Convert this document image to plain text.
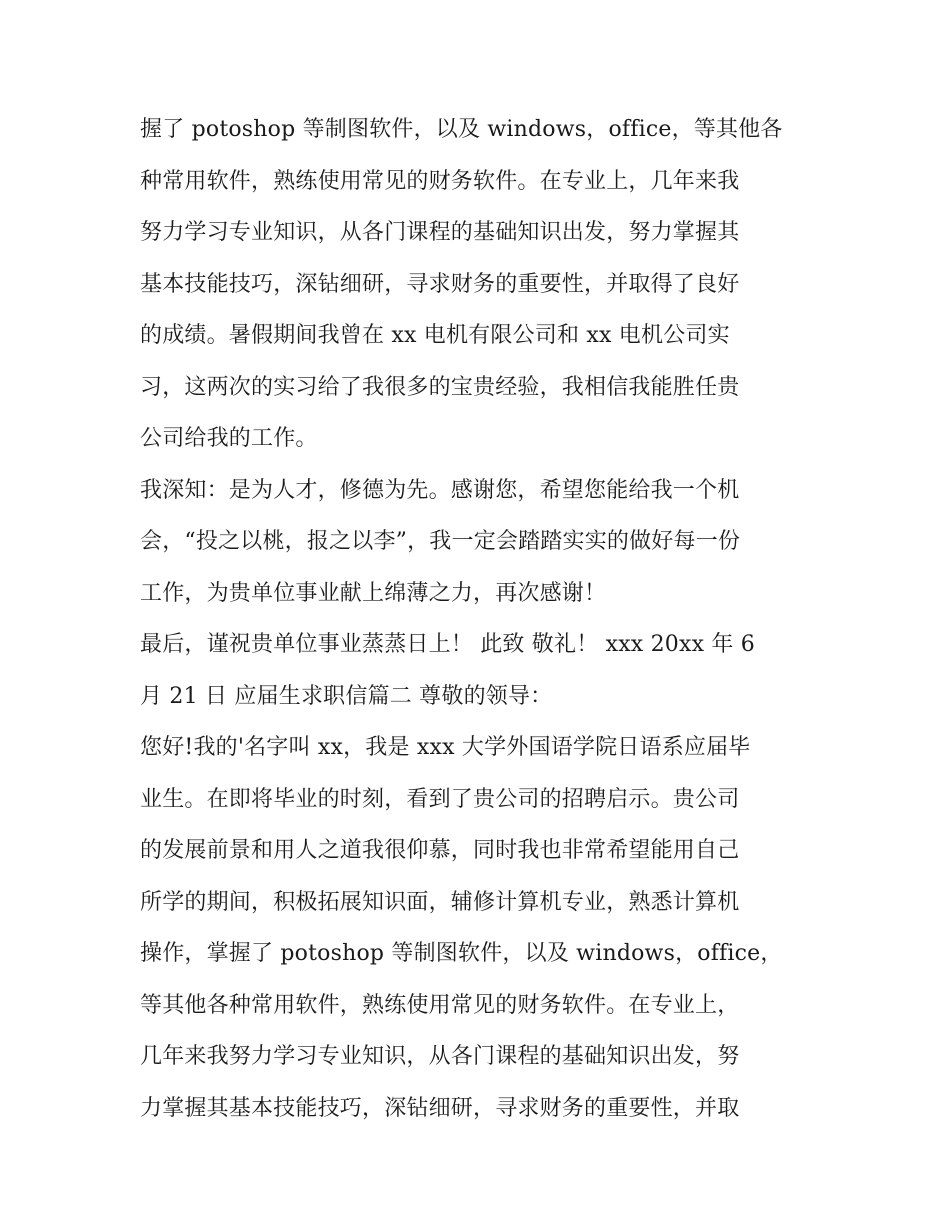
握了 potoshop 等制图软件，以及 windows，office，等其他各
种常用软件，熟练使用常见的财务软件。在专业上，几年来我
努力学习专业知识，从各门课程的基础知识出发，努力掌握其
基本技能技巧，深钻细研，寻求财务的重要性，并取得了良好
的成绩。暑假期间我曾在 xx 电机有限公司和 xx 电机公司实
习，这两次的实习给了我很多的宝贵经验，我相信我能胜任贵
公司给我的工作。
我深知：是为人才，修德为先。感谢您，希望您能给我一个机
会，“投之以桃，报之以李”，我一定会踏踏实实的做好每一份
工作，为贵单位事业献上绵薄之力，再次感谢！
最后，谨祝贵单位事业蒸蒸日上！ 此致 敬礼！ xxx 20xx 年 6
月 21 日 应届生求职信篇二 尊敬的领导：
您好!我的'名字叫 xx，我是 xxx 大学外国语学院日语系应届毕
业生。在即将毕业的时刻，看到了贵公司的招聘启示。贵公司
的发展前景和用人之道我很仰慕，同时我也非常希望能用自己
所学的期间，积极拓展知识面，辅修计算机专业，熟悉计算机
操作，掌握了 potoshop 等制图软件，以及 windows，office，
等其他各种常用软件，熟练使用常见的财务软件。在专业上，
几年来我努力学习专业知识，从各门课程的基础知识出发，努
力掌握其基本技能技巧，深钻细研，寻求财务的重要性，并取
